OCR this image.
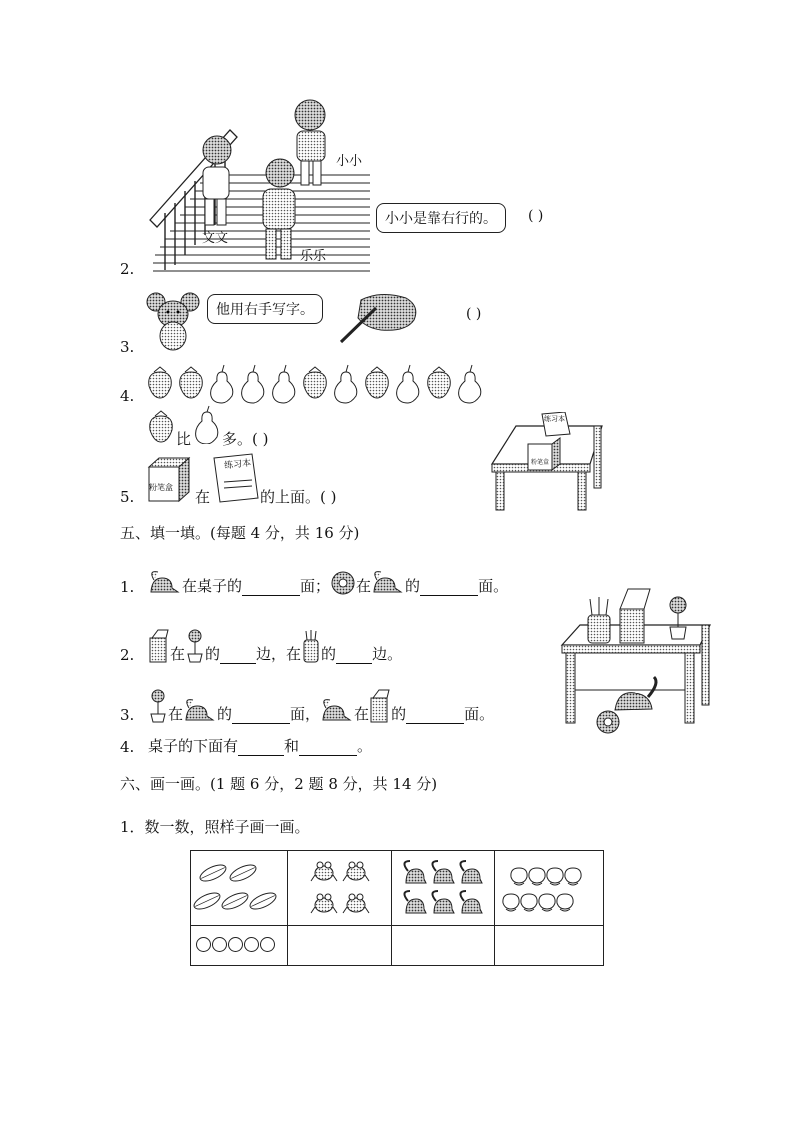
2.
小小
文文
乐乐
小小是靠右行的。	( )
3.
他用右手写字。	( )
4.
比 多。( )
5.
粉笔盒
在
练习本
的上面。( )
练习本
粉笔盒
五、填一填。(每题 4 分，共 16 分)
1.	在桌子的	面； 在 的	面。
2.	在 的 边，在 的 边。
3.	在 的	面， 在 的	面。
4. 桌子的下面有	和	。
六、画一画。(1 题 6 分，2 题 8 分，共 14 分)
1．数一数，照样子画一画。
